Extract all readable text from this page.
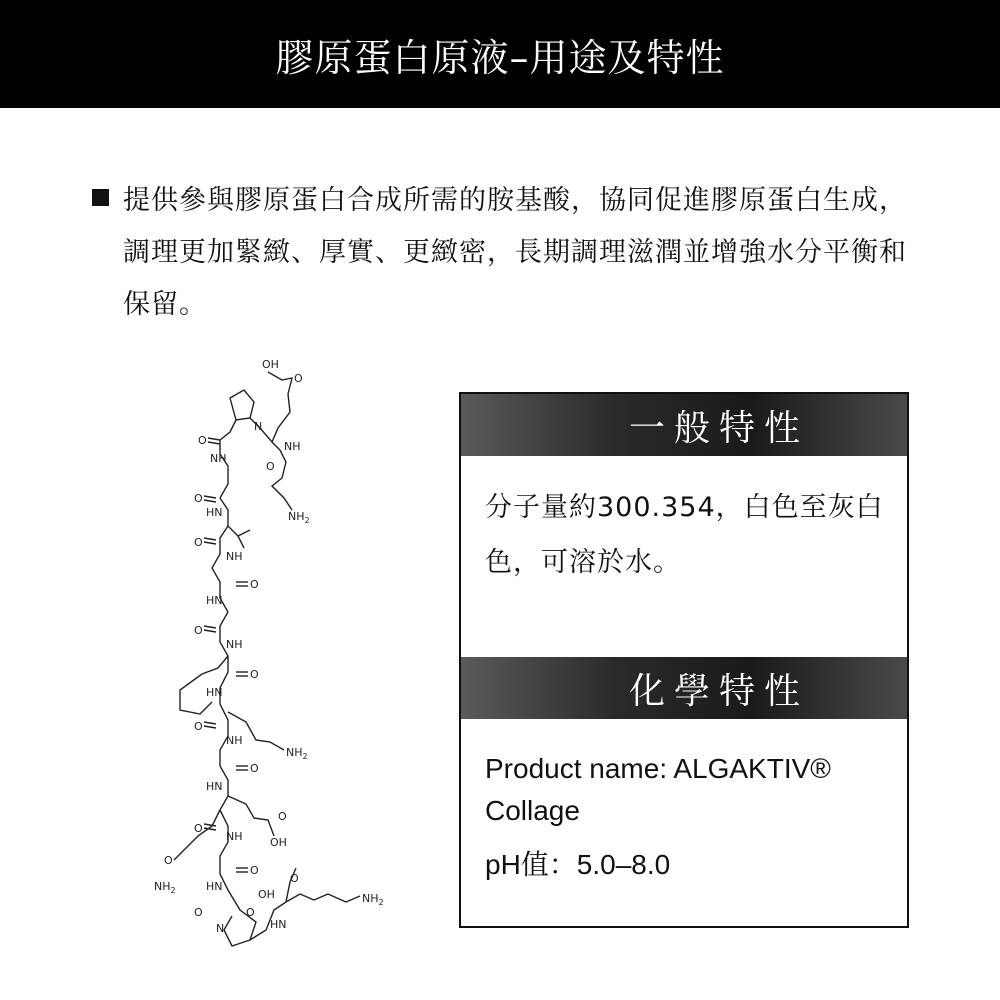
膠原蛋白原液–用途及特性

提供參與膠原蛋白合成所需的胺基酸，協同促進膠原蛋白生成，調理更加緊緻、厚實、更緻密，長期調理滋潤並增強水分平衡和保留。

OH
O
N
O	NH
NH
O
$NH_2$
O
HN
O
NH
O
HN
O
NH
O
HN
$NH_2$
O
NH
O
HN
O
OH
O
NH
O
$NH_2$
O
HN
OH
O
$NH_2$
O	O
N	HN
一般特性

分子量約300.354，白色至灰白色，可溶於水。

化學特性
Product name: ALGAKTIV® Collage
pH值：5.0–8.0
